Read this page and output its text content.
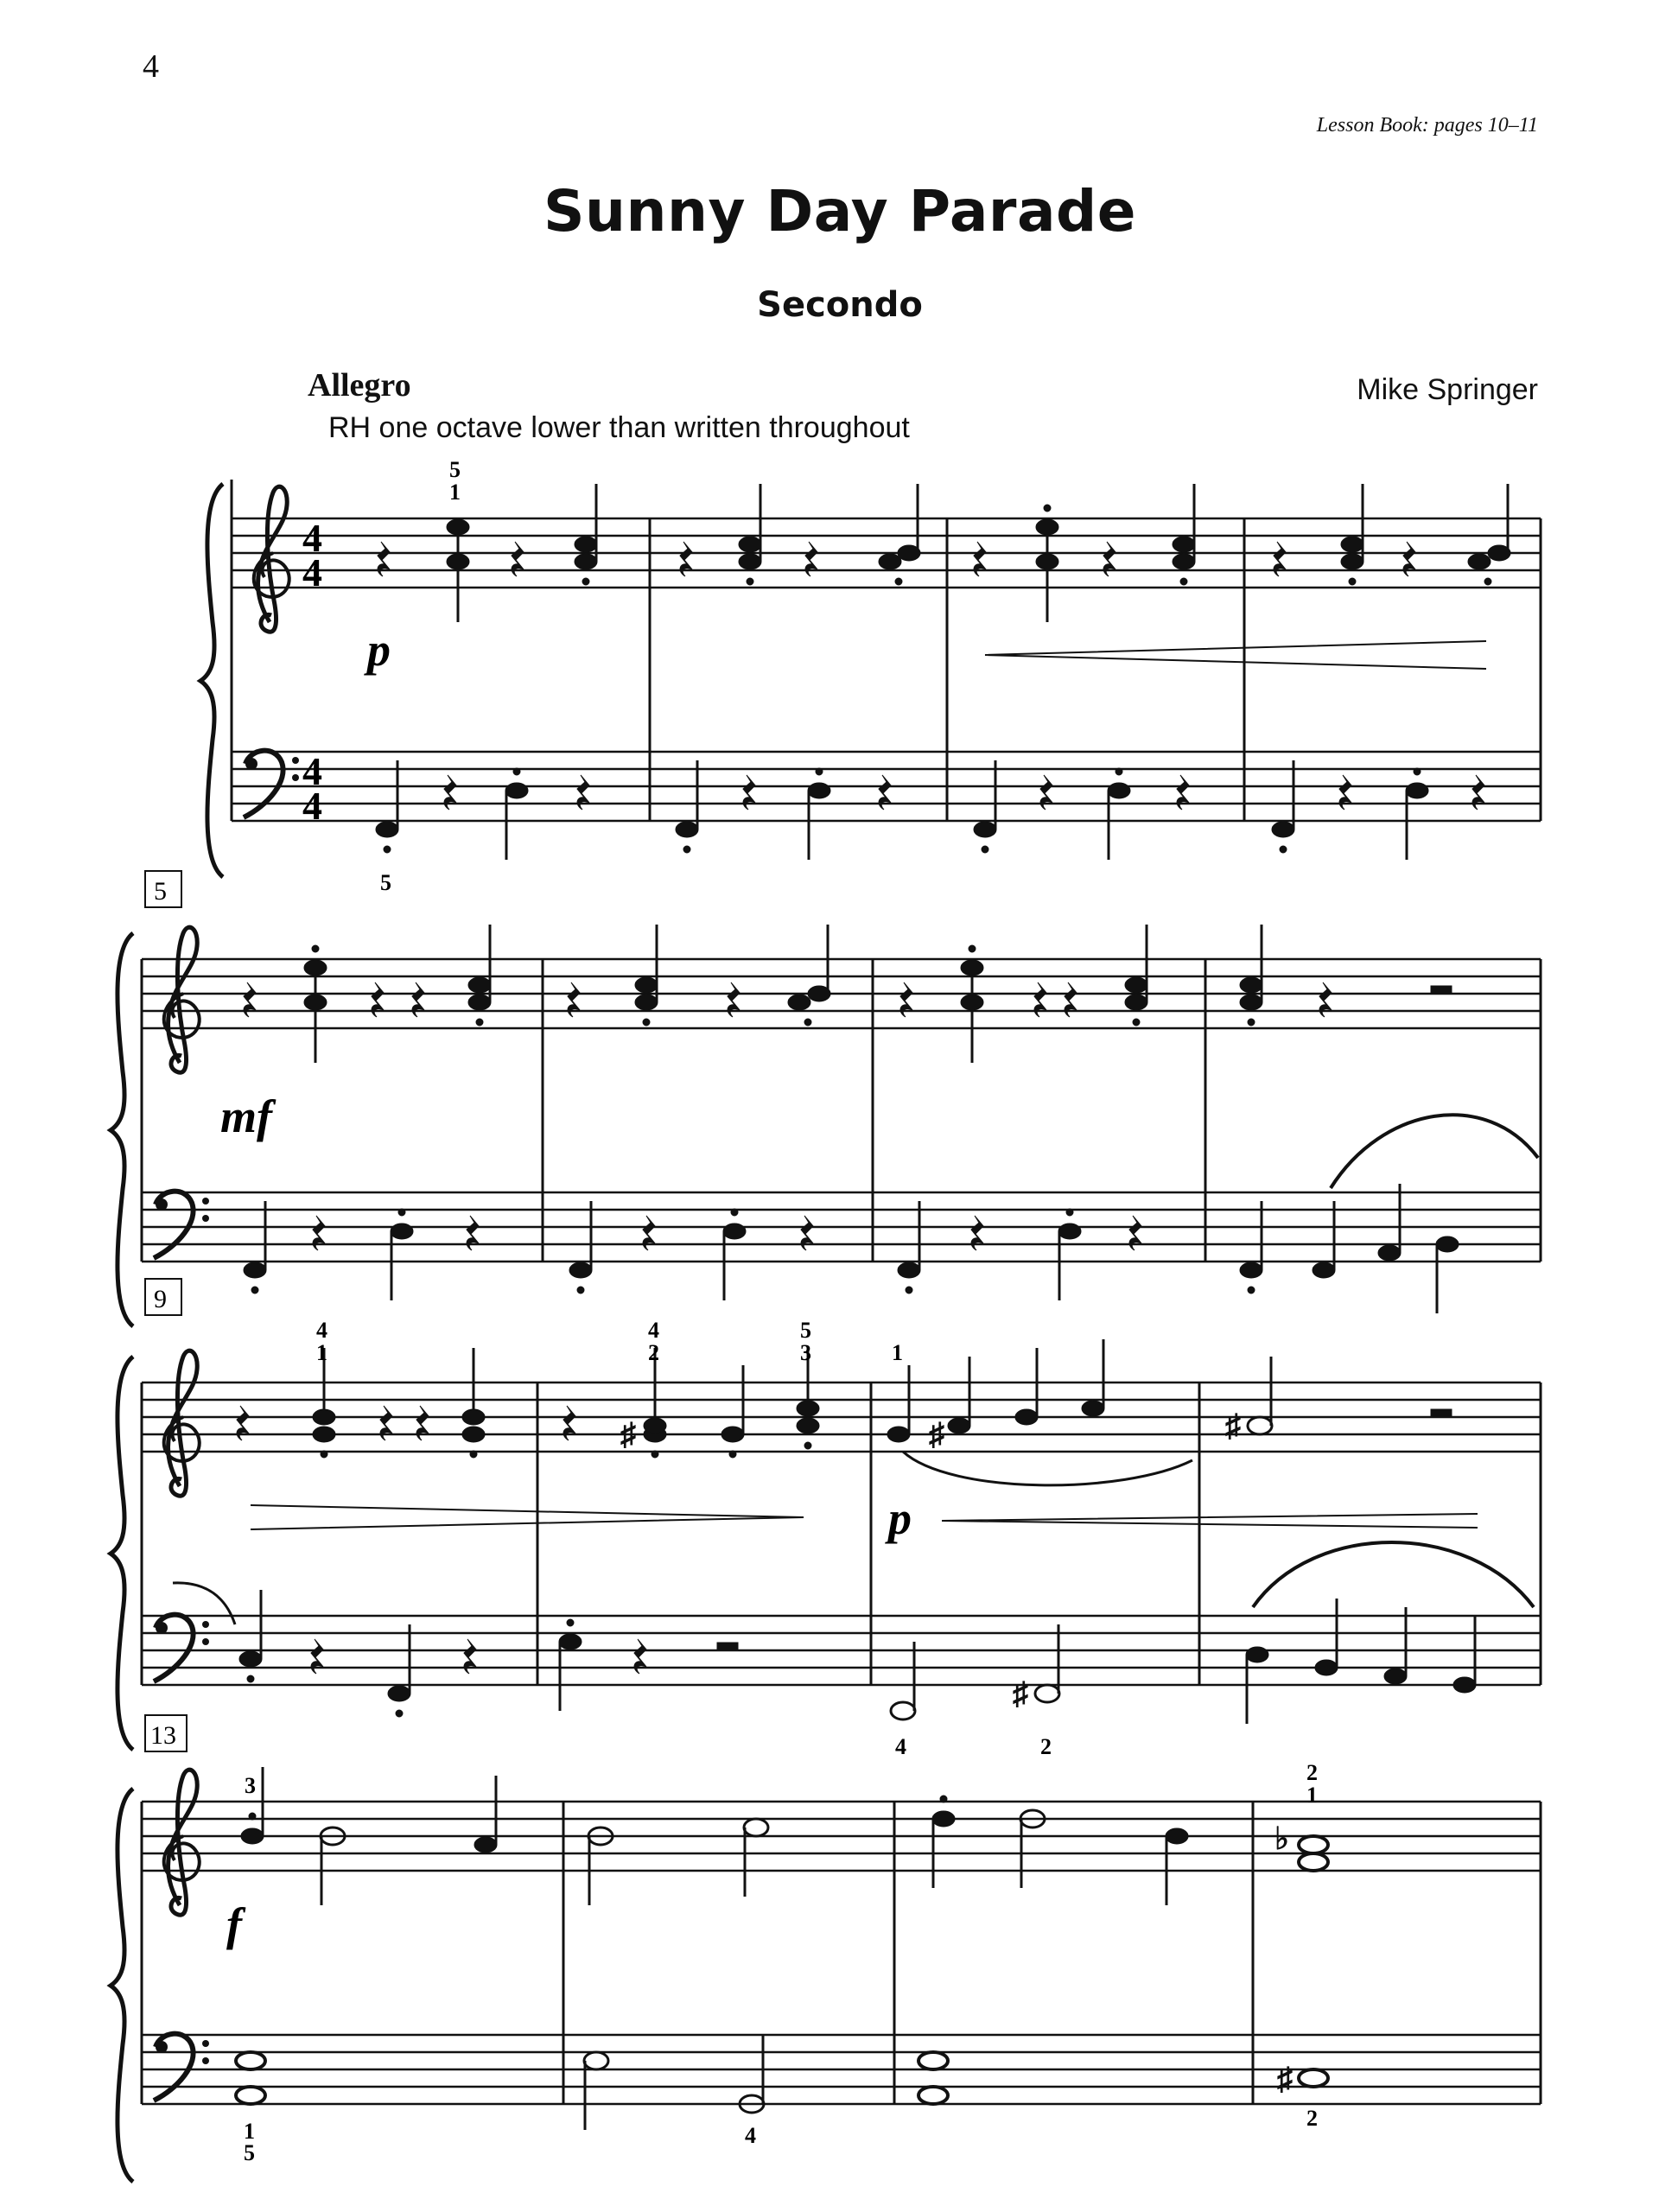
4
Lesson Book: pages 10–11
Sunny Day Parade
Secondo
Allegro	Mike Springer
RH one octave lower than written throughout
4
4
4
4
5
1
5
p
5
mf
9
♯	♯	♯
♯
p
4
1
4
2
5
3	1
4	2
13
♭
♯
f
3
2
1
1
5
4
2
